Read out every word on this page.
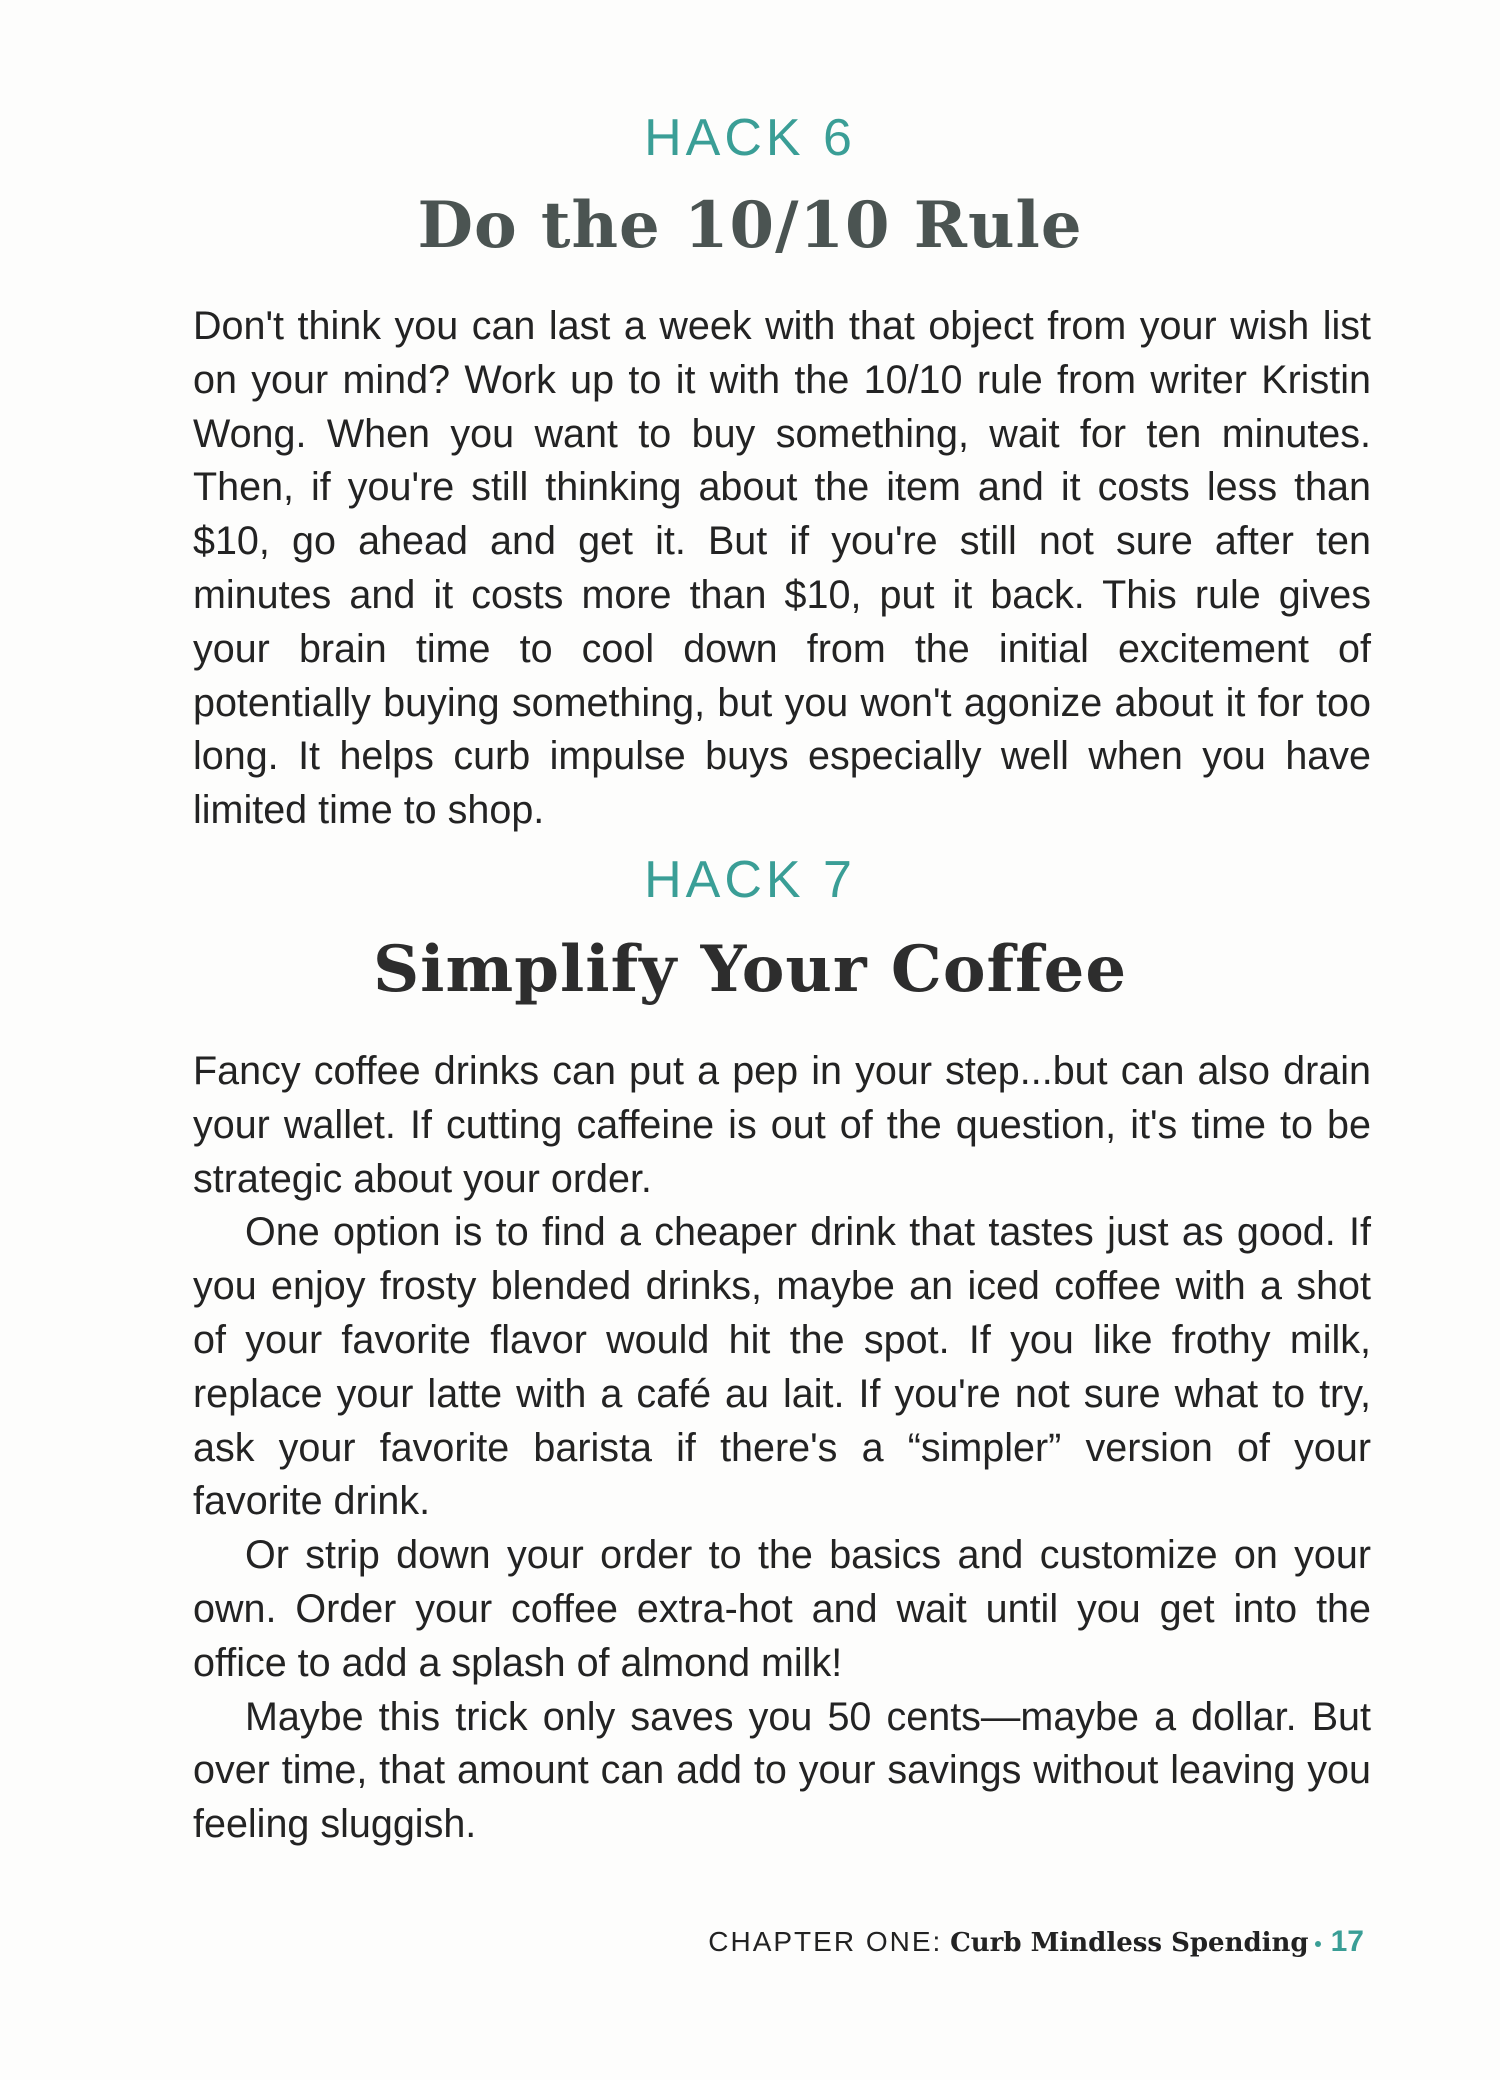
HACK 6
Do the 10/10 Rule

Don't think you can last a week with that object from your wish list on your mind? Work up to it with the 10/10 rule from writer Kristin Wong. When you want to buy something, wait for ten minutes. Then, if you're still thinking about the item and it costs less than $10, go ahead and get it. But if you're still not sure after ten minutes and it costs more than $10, put it back. This rule gives your brain time to cool down from the initial excitement of potentially buying something, but you won't agonize about it for too long. It helps curb impulse buys especially well when you have limited time to shop.

HACK 7
Simplify Your Coffee

Fancy coffee drinks can put a pep in your step...but can also drain your wallet. If cutting caffeine is out of the question, it's time to be strategic about your order.

One option is to find a cheaper drink that tastes just as good. If you enjoy frosty blended drinks, maybe an iced coffee with a shot of your favorite flavor would hit the spot. If you like frothy milk, replace your latte with a café au lait. If you're not sure what to try, ask your favorite barista if there's a “simpler” version of your favorite drink.

Or strip down your order to the basics and customize on your own. Order your coffee extra-hot and wait until you get into the office to add a splash of almond milk!

Maybe this trick only saves you 50 cents—maybe a dollar. But over time, that amount can add to your savings without leaving you feeling sluggish.

CHAPTER ONE: Curb Mindless Spending 17
